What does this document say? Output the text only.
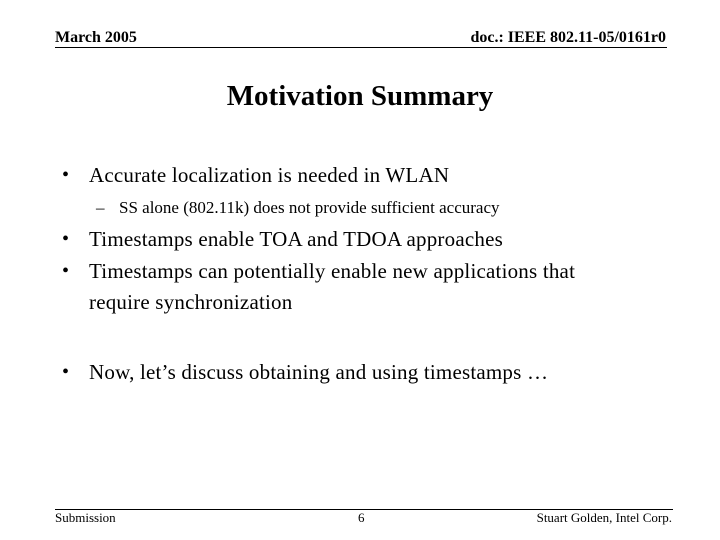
March 2005	doc.: IEEE 802.11-05/0161r0
Motivation Summary
• Accurate localization is needed in WLAN
– SS alone (802.11k) does not provide sufficient accuracy
• Timestamps enable TOA and TDOA approaches
• Timestamps can potentially enable new applications that require synchronization
• Now, let’s discuss obtaining and using timestamps …
Submission	6	Stuart Golden, Intel Corp.
